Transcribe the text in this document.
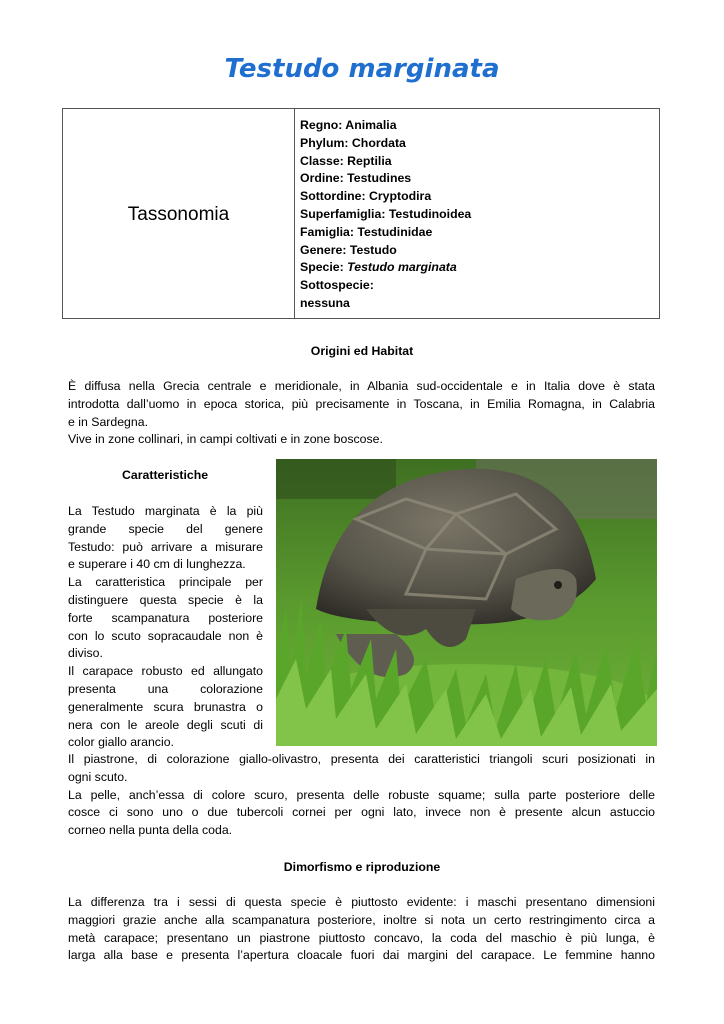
Testudo marginata
Tassonomia
Regno: Animalia
Phylum: Chordata
Classe: Reptilia
Ordine: Testudines
Sottordine: Cryptodira
Superfamiglia: Testudinoidea
Famiglia: Testudinidae
Genere: Testudo
Specie: Testudo marginata
Sottospecie:
nessuna
Origini ed Habitat
È diffusa nella Grecia centrale e meridionale, in Albania sud-occidentale e in Italia dove è stata
introdotta dall’uomo in epoca storica, più precisamente in Toscana, in Emilia Romagna, in Calabria
e in Sardegna.
Vive in zone collinari, in campi coltivati e in zone boscose.
Caratteristiche
La Testudo marginata è la più
grande specie del genere
Testudo: può arrivare a misurare
e superare i 40 cm di lunghezza.
La caratteristica principale per
distinguere questa specie è la
forte scampanatura posteriore
con lo scuto sopracaudale non è
diviso.
Il carapace robusto ed allungato
presenta una colorazione
generalmente scura brunastra o
nera con le areole degli scuti di
color giallo arancio.
Il piastrone, di colorazione giallo-olivastro, presenta dei caratteristici triangoli scuri posizionati in
ogni scuto.
La pelle, anch’essa di colore scuro, presenta delle robuste squame; sulla parte posteriore delle
cosce ci sono uno o due tubercoli cornei per ogni lato, invece non è presente alcun astuccio
corneo nella punta della coda.
Dimorfismo e riproduzione
La differenza tra i sessi di questa specie è piuttosto evidente: i maschi presentano dimensioni
maggiori grazie anche alla scampanatura posteriore, inoltre si nota un certo restringimento circa a
metà carapace; presentano un piastrone piuttosto concavo, la coda del maschio è più lunga, è
larga alla base e presenta l’apertura cloacale fuori dai margini del carapace. Le femmine hanno
